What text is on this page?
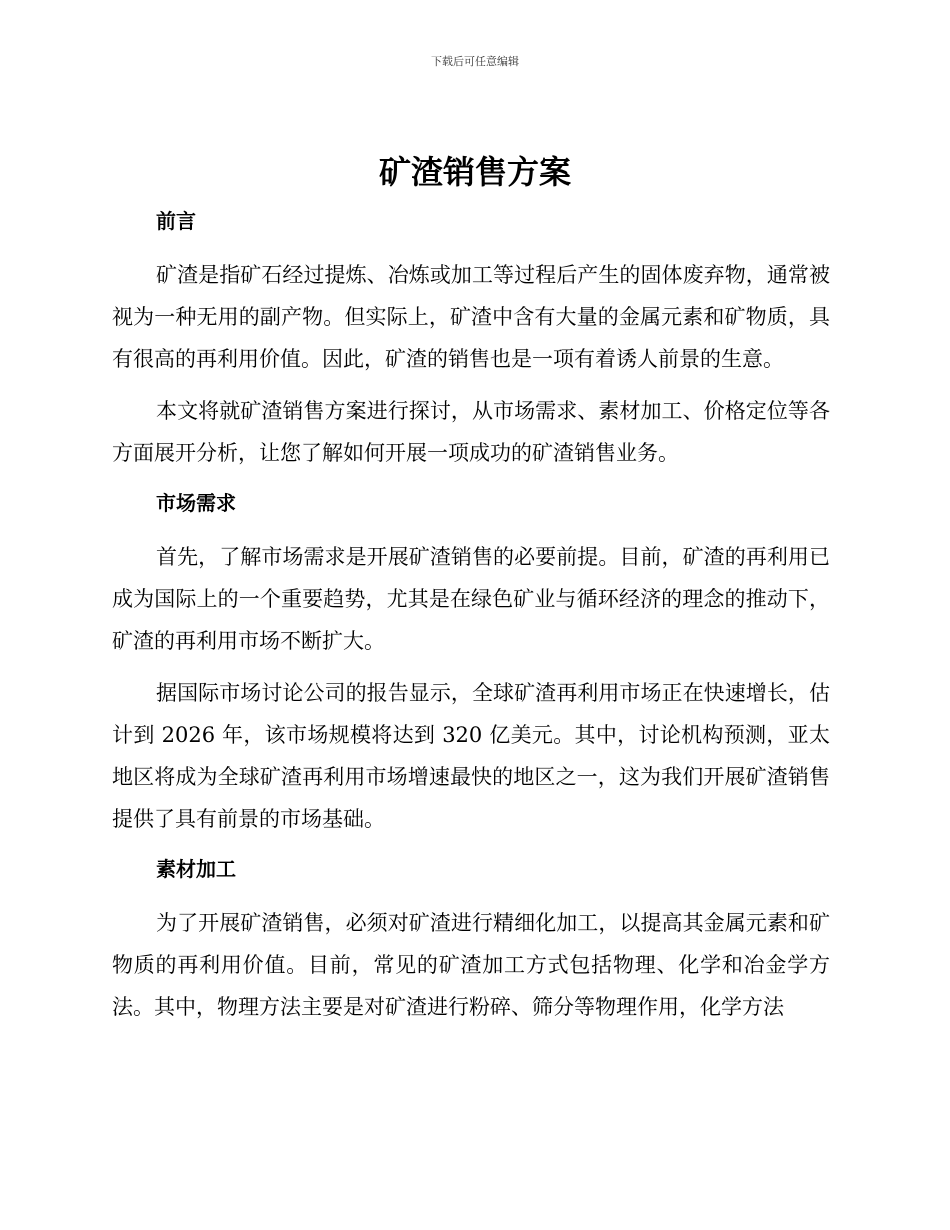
下载后可任意编辑
矿渣销售方案
前言

矿渣是指矿石经过提炼、冶炼或加工等过程后产生的固体废弃物，通常被视为一种无用的副产物。但实际上，矿渣中含有大量的金属元素和矿物质，具有很高的再利用价值。因此，矿渣的销售也是一项有着诱人前景的生意。

本文将就矿渣销售方案进行探讨，从市场需求、素材加工、价格定位等各方面展开分析，让您了解如何开展一项成功的矿渣销售业务。

市场需求

首先，了解市场需求是开展矿渣销售的必要前提。目前，矿渣的再利用已成为国际上的一个重要趋势，尤其是在绿色矿业与循环经济的理念的推动下，矿渣的再利用市场不断扩大。

据国际市场讨论公司的报告显示，全球矿渣再利用市场正在快速增长，估计到 2026 年，该市场规模将达到 320 亿美元。其中，讨论机构预测，亚太地区将成为全球矿渣再利用市场增速最快的地区之一，这为我们开展矿渣销售提供了具有前景的市场基础。

素材加工

为了开展矿渣销售，必须对矿渣进行精细化加工，以提高其金属元素和矿物质的再利用价值。目前，常见的矿渣加工方式包括物理、化学和冶金学方法。其中，物理方法主要是对矿渣进行粉碎、筛分等物理作用，化学方法
